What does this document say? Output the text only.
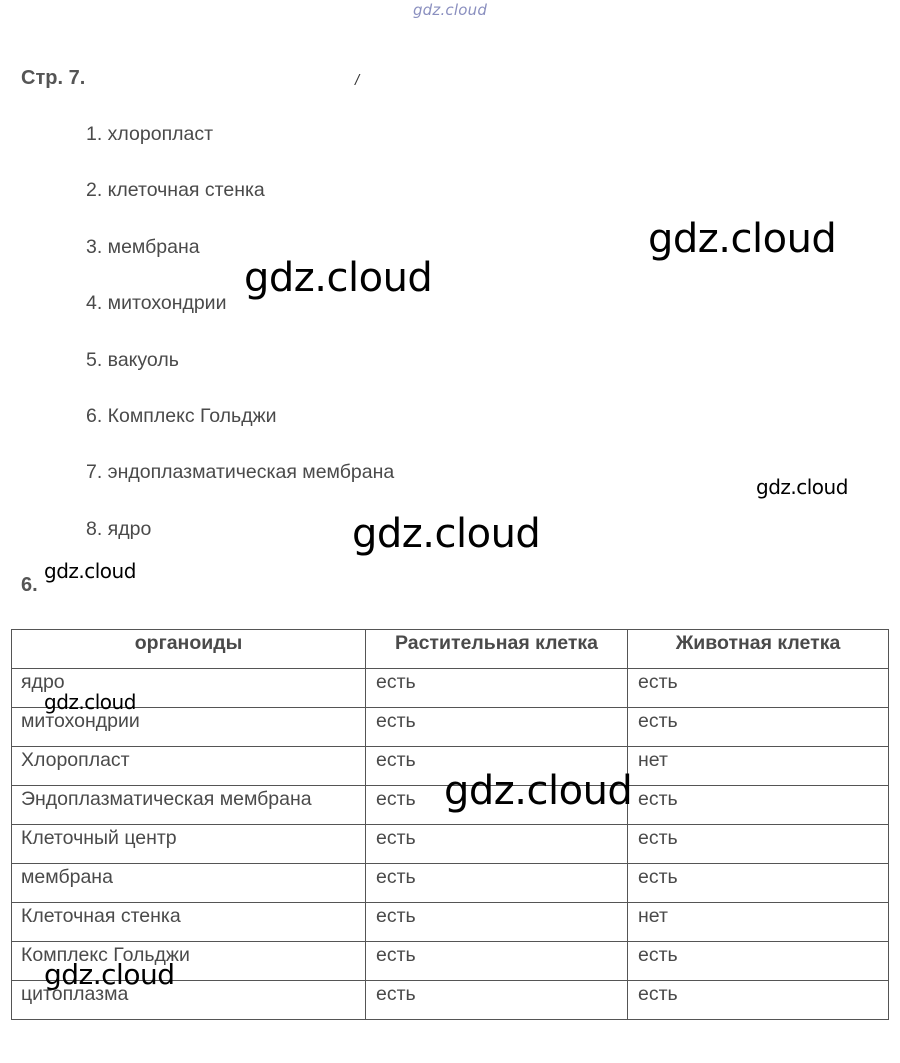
gdz.cloud
Стр. 7.	/
1. хлоропласт
2. клеточная стенка
3. мембрана
4. митохондрии
5. вакуоль
6. Комплекс Гольджи
7. эндоплазматическая мембрана
8. ядро
6.
органоиды	Растительная клетка	Животная клетка
ядро	есть	есть
митохондрии	есть	есть
Хлоропласт	есть	нет
Эндоплазматическая мембрана	есть	есть
Клеточный центр	есть	есть
мембрана	есть	есть
Клеточная стенка	есть	нет
Комплекс Гольджи	есть	есть
цитоплазма	есть	есть
gdz.cloud
gdz.cloud
gdz.cloud
gdz.cloud
gdz.cloud
gdz.cloud
gdz.cloud
gdz.cloud
